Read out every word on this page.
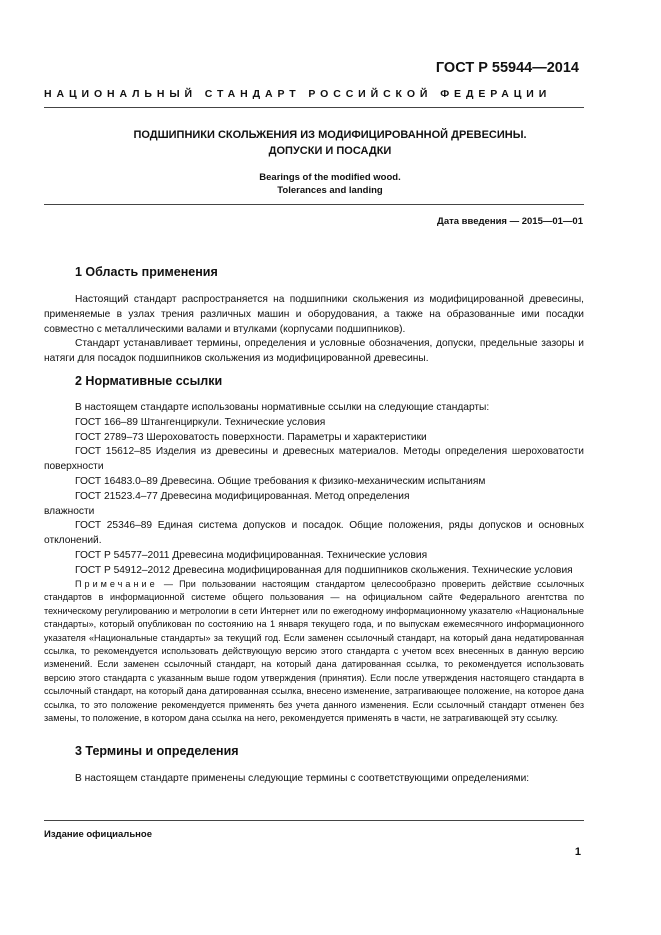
ГОСТ Р 55944—2014
НАЦИОНАЛЬНЫЙ СТАНДАРТ РОССИЙСКОЙ ФЕДЕРАЦИИ
ПОДШИПНИКИ СКОЛЬЖЕНИЯ ИЗ МОДИФИЦИРОВАННОЙ ДРЕВЕСИНЫ.
ДОПУСКИ И ПОСАДКИ
Bearings of the modified wood.
Tolerances and landing
Дата введения — 2015—01—01
1 Область применения

Настоящий стандарт распространяется на подшипники скольжения из модифицированной древесины, применяемые в узлах трения различных машин и оборудования, а также на образованные ими посадки совместно с металлическими валами и втулками (корпусами подшипников).

Стандарт устанавливает термины, определения и условные обозначения, допуски, предельные зазоры и натяги для посадок подшипников скольжения из модифицированной древесины.

2 Нормативные ссылки

В настоящем стандарте использованы нормативные ссылки на следующие стандарты:

ГОСТ 166–89 Штангенциркули. Технические условия

ГОСТ 2789–73 Шероховатость поверхности. Параметры и характеристики

ГОСТ 15612–85 Изделия из древесины и древесных материалов. Методы определения шероховатости поверхности

ГОСТ 16483.0–89 Древесина. Общие требования к физико-механическим испытаниям

ГОСТ 21523.4–77 Древесина модифицированная. Метод определения

влажности

ГОСТ 25346–89 Единая система допусков и посадок. Общие положения, ряды допусков и основных отклонений.

ГОСТ Р 54577–2011 Древесина модифицированная. Технические условия

ГОСТ Р 54912–2012 Древесина модифицированная для подшипников скольжения. Технические условия

Примечание — При пользовании настоящим стандартом целесообразно проверить действие ссылочных стандартов в информационной системе общего пользования — на официальном сайте Федерального агентства по техническому регулированию и метрологии в сети Интернет или по ежегодному информационному указателю «Национальные стандарты», который опубликован по состоянию на 1 января текущего года, и по выпускам ежемесячного информационного указателя «Национальные стандарты» за текущий год. Если заменен ссылочный стандарт, на который дана недатированная ссылка, то рекомендуется использовать действующую версию этого стандарта с учетом всех внесенных в данную версию изменений. Если заменен ссылочный стандарт, на который дана датированная ссылка, то рекомендуется использовать версию этого стандарта с указанным выше годом утверждения (принятия). Если после утверждения настоящего стандарта в ссылочный стандарт, на который дана датированная ссылка, внесено изменение, затрагивающее положение, на которое дана ссылка, то это положение рекомендуется применять без учета данного изменения. Если ссылочный стандарт отменен без замены, то положение, в котором дана ссылка на него, рекомендуется применять в части, не затрагивающей эту ссылку.

3 Термины и определения

В настоящем стандарте применены следующие термины с соответствующими определениями:

Издание официальное
1
